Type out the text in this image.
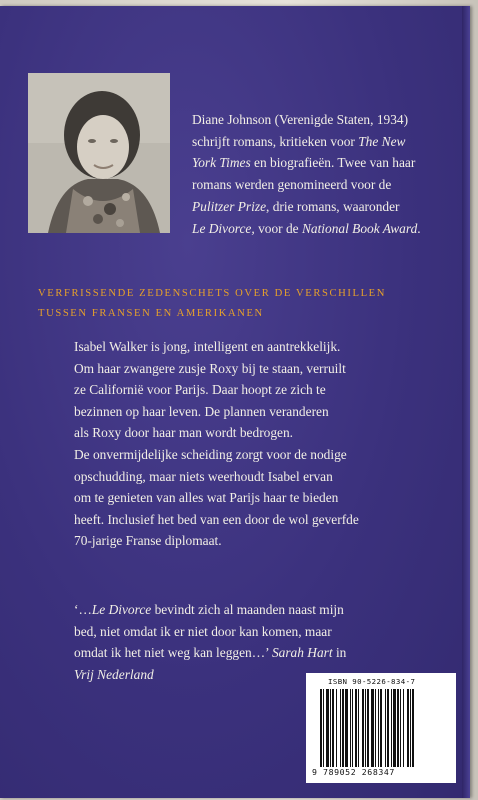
Diane Johnson (Verenigde Staten, 1934)
schrijft romans, kritieken voor The New
York Times en biografieën. Twee van haar
romans werden genomineerd voor de
Pulitzer Prize, drie romans, waaronder
Le Divorce, voor de National Book Award.
VERFRISSENDE ZEDENSCHETS OVER DE VERSCHILLEN
TUSSEN FRANSEN EN AMERIKANEN
Isabel Walker is jong, intelligent en aantrekkelijk.
Om haar zwangere zusje Roxy bij te staan, verruilt
ze Californië voor Parijs. Daar hoopt ze zich te
bezinnen op haar leven. De plannen veranderen
als Roxy door haar man wordt bedrogen.
De onvermijdelijke scheiding zorgt voor de nodige
opschudding, maar niets weerhoudt Isabel ervan
om te genieten van alles wat Parijs haar te bieden
heeft. Inclusief het bed van een door de wol geverfde
70-jarige Franse diplomaat.
‘…Le Divorce bevindt zich al maanden naast mijn
bed, niet omdat ik er niet door kan komen, maar
omdat ik het niet weg kan leggen…’ Sarah Hart in
Vrij Nederland	ISBN 90-5226-834-7
9 789052 268347
